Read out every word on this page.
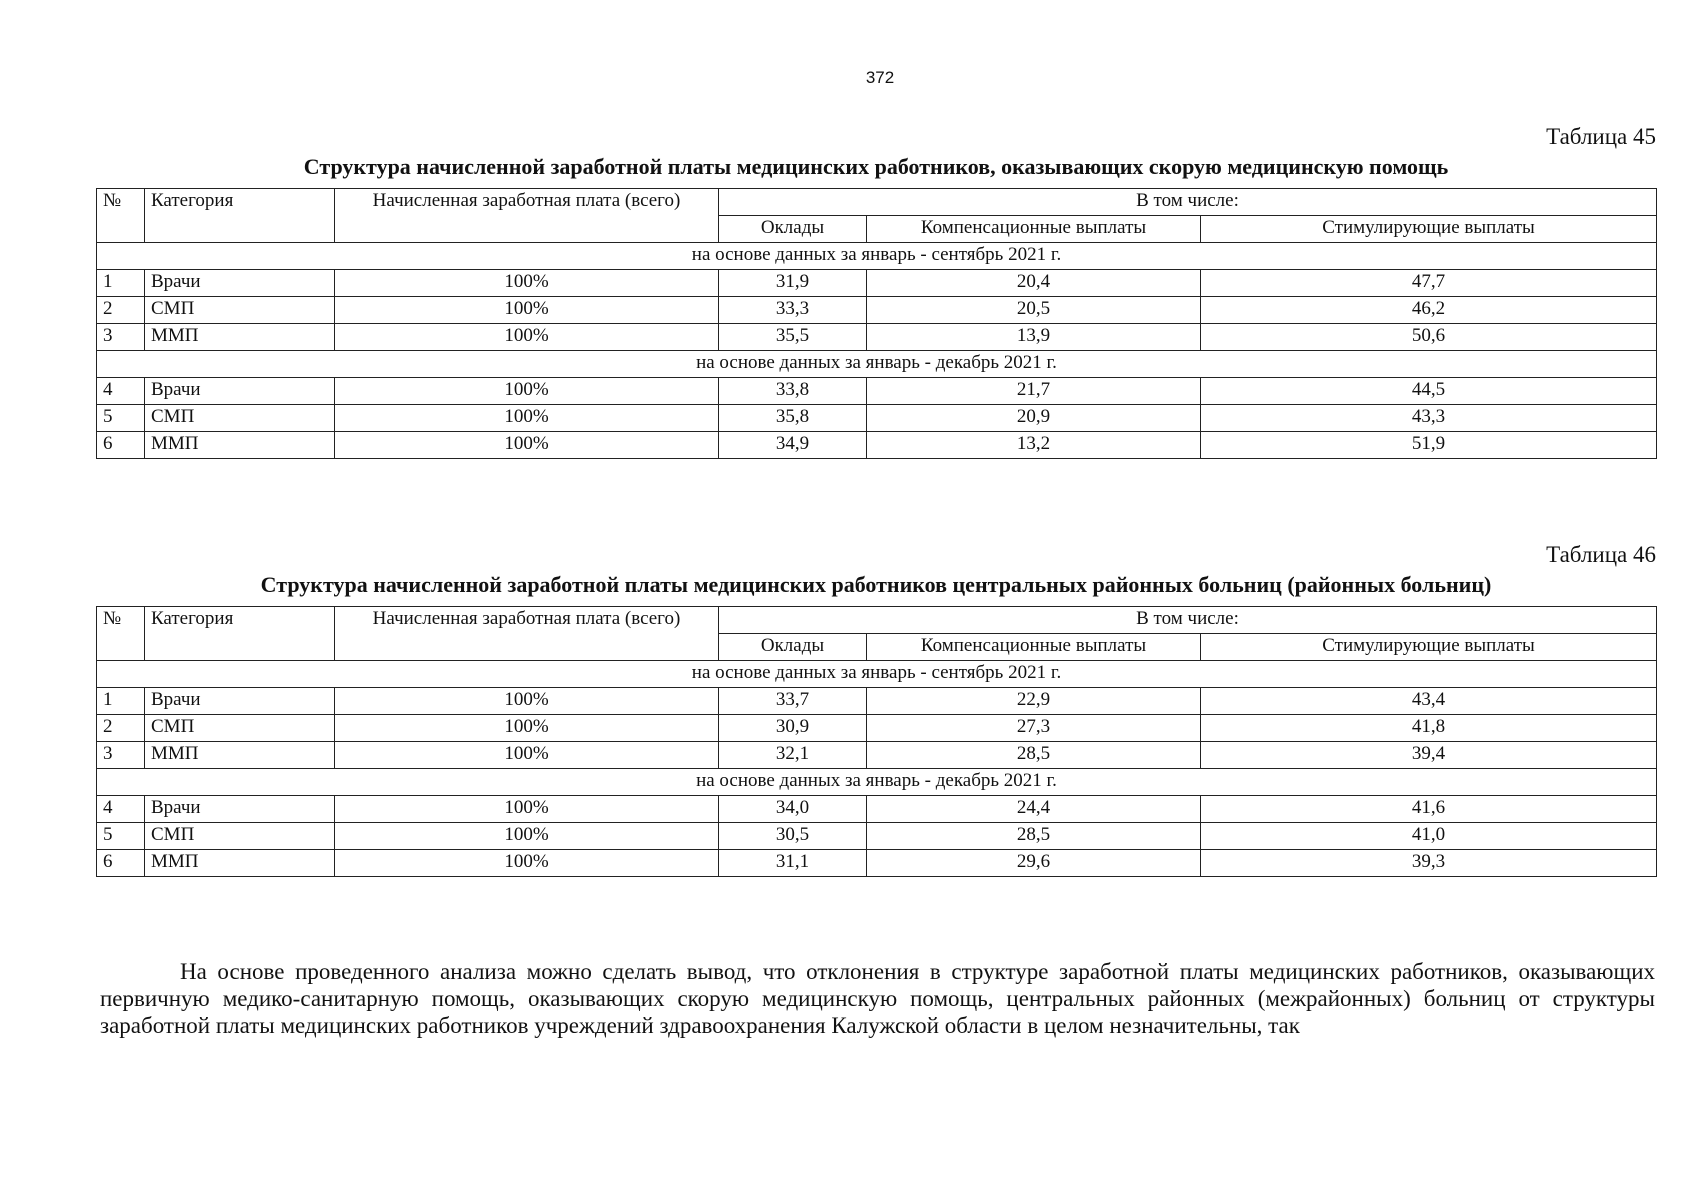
372
Таблица 45
Структура начисленной заработной платы медицинских работников, оказывающих скорую медицинскую помощь
№	Категория	Начисленная заработная плата (всего)	В том числе:		
			Оклады	Компенсационные выплаты	Стимулирующие выплаты
на основе данных за январь - сентябрь 2021 г.					
1	Врачи	100%	31,9	20,4	47,7
2	СМП	100%	33,3	20,5	46,2
3	ММП	100%	35,5	13,9	50,6
на основе данных за январь - декабрь 2021 г.					
4	Врачи	100%	33,8	21,7	44,5
5	СМП	100%	35,8	20,9	43,3
6	ММП	100%	34,9	13,2	51,9
Таблица 46
Структура начисленной заработной платы медицинских работников центральных районных больниц (районных больниц)
№	Категория	Начисленная заработная плата (всего)	В том числе:		
			Оклады	Компенсационные выплаты	Стимулирующие выплаты
на основе данных за январь - сентябрь 2021 г.					
1	Врачи	100%	33,7	22,9	43,4
2	СМП	100%	30,9	27,3	41,8
3	ММП	100%	32,1	28,5	39,4
на основе данных за январь - декабрь 2021 г.					
4	Врачи	100%	34,0	24,4	41,6
5	СМП	100%	30,5	28,5	41,0
6	ММП	100%	31,1	29,6	39,3

На основе проведенного анализа можно сделать вывод, что отклонения в структуре заработной платы медицинских работников, оказывающих первичную медико-санитарную помощь, оказывающих скорую медицинскую помощь, центральных районных (межрайонных) больниц от структуры заработной платы медицинских работников учреждений здравоохранения Калужской области в целом незначительны, так
